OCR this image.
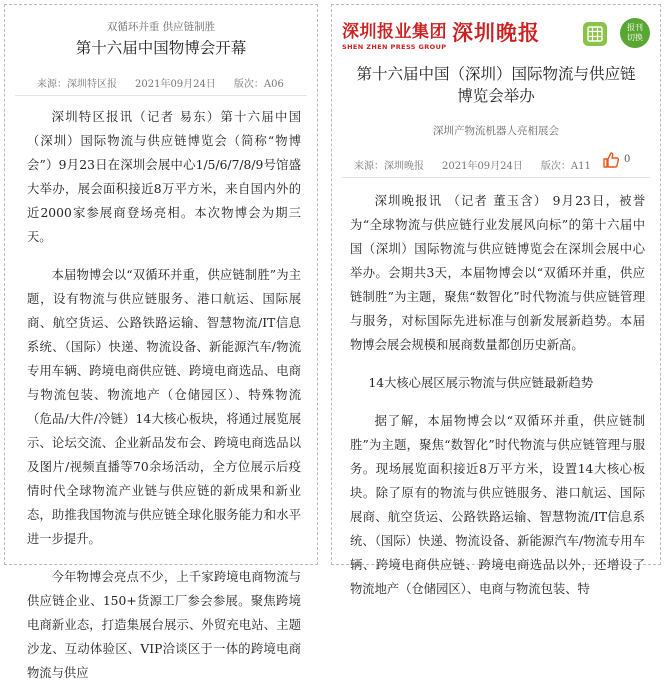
双循环并重 供应链制胜
第十六届中国物博会开幕
来源：深圳特区报 2021年09月24日 版次：A06

深圳特区报讯（记者 易东）第十六届中国（深圳）国际物流与供应链博览会（简称“物博会”）9月23日在深圳会展中心1/5/6/7/8/9号馆盛大举办，展会面积接近8万平方米，来自国内外的近2000家参展商登场亮相。本次物博会为期三天。

本届物博会以“双循环并重，供应链制胜”为主题，设有物流与供应链服务、港口航运、国际展商、航空货运、公路铁路运输、智慧物流/IT信息系统、（国际）快递、物流设备、新能源汽车/物流专用车辆、跨境电商供应链、跨境电商选品、电商与物流包装、物流地产（仓储园区）、特殊物流（危品/大件/冷链）14大核心板块，将通过展览展示、论坛交流、企业新品发布会、跨境电商选品以及图片/视频直播等70余场活动，全方位展示后疫情时代全球物流产业链与供应链的新成果和新业态，助推我国物流与供应链全球化服务能力和水平进一步提升。

今年物博会亮点不少，上千家跨境电商物流与供应链企业、150+货源工厂参会参展。聚焦跨境电商新业态，打造集展台展示、外贸充电站、主题沙龙、互动体验区、VIP洽谈区于一体的跨境电商物流与供应

深圳报业集团
SHEN ZHEN PRESS GROUP
深圳晚报	报刊
切换
第十六届中国（深圳）国际物流与供应链
博览会举办
深圳产物流机器人亮相展会
来源：深圳晚报 2021年09月24日 版次：A11
0

深圳晚报讯 （记者 董玉含） 9月23日，被誉为“全球物流与供应链行业发展风向标”的第十六届中国（深圳）国际物流与供应链博览会在深圳会展中心举办。会期共3天，本届物博会以“双循环并重，供应链制胜”为主题，聚焦“数智化”时代物流与供应链管理与服务，对标国际先进标准与创新发展新趋势。本届物博会展会规模和展商数量都创历史新高。

14大核心展区展示物流与供应链最新趋势

据了解，本届物博会以“双循环并重，供应链制胜”为主题，聚焦“数智化”时代物流与供应链管理与服务。现场展览面积接近8万平方米，设置14大核心板块。除了原有的物流与供应链服务、港口航运、国际展商、航空货运、公路铁路运输、智慧物流/IT信息系统、（国际）快递、物流设备、新能源汽车/物流专用车辆、跨境电商供应链、跨境电商选品以外，还增设了物流地产（仓储园区）、电商与物流包装、特
